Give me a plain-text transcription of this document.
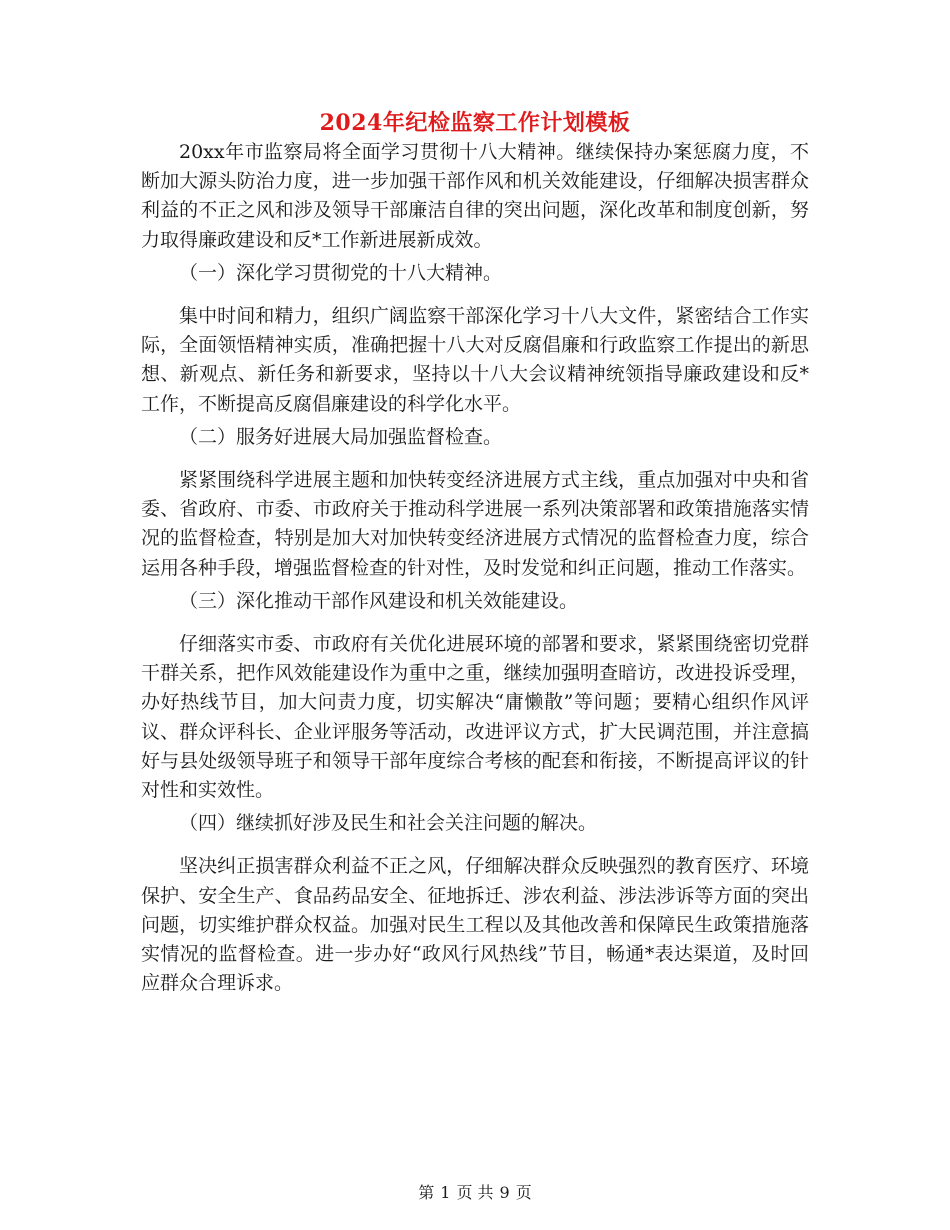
2024年纪检监察工作计划模板

20xx年市监察局将全面学习贯彻十八大精神。继续保持办案惩腐力度，不断加大源头防治力度，进一步加强干部作风和机关效能建设，仔细解决损害群众利益的不正之风和涉及领导干部廉洁自律的突出问题，深化改革和制度创新，努力取得廉政建设和反*工作新进展新成效。

（一）深化学习贯彻党的十八大精神。

集中时间和精力，组织广阔监察干部深化学习十八大文件，紧密结合工作实际，全面领悟精神实质，准确把握十八大对反腐倡廉和行政监察工作提出的新思想、新观点、新任务和新要求，坚持以十八大会议精神统领指导廉政建设和反*工作，不断提高反腐倡廉建设的科学化水平。

（二）服务好进展大局加强监督检查。

紧紧围绕科学进展主题和加快转变经济进展方式主线，重点加强对中央和省委、省政府、市委、市政府关于推动科学进展一系列决策部署和政策措施落实情况的监督检查，特别是加大对加快转变经济进展方式情况的监督检查力度，综合运用各种手段，增强监督检查的针对性，及时发觉和纠正问题，推动工作落实。

（三）深化推动干部作风建设和机关效能建设。

仔细落实市委、市政府有关优化进展环境的部署和要求，紧紧围绕密切党群干群关系，把作风效能建设作为重中之重，继续加强明查暗访，改进投诉受理，办好热线节目，加大问责力度，切实解决“庸懒散”等问题；要精心组织作风评议、群众评科长、企业评服务等活动，改进评议方式，扩大民调范围，并注意搞好与县处级领导班子和领导干部年度综合考核的配套和衔接，不断提高评议的针对性和实效性。

（四）继续抓好涉及民生和社会关注问题的解决。

坚决纠正损害群众利益不正之风，仔细解决群众反映强烈的教育医疗、环境保护、安全生产、食品药品安全、征地拆迁、涉农利益、涉法涉诉等方面的突出问题，切实维护群众权益。加强对民生工程以及其他改善和保障民生政策措施落实情况的监督检查。进一步办好“政风行风热线”节目，畅通*表达渠道，及时回应群众合理诉求。

第 1 页 共 9 页
